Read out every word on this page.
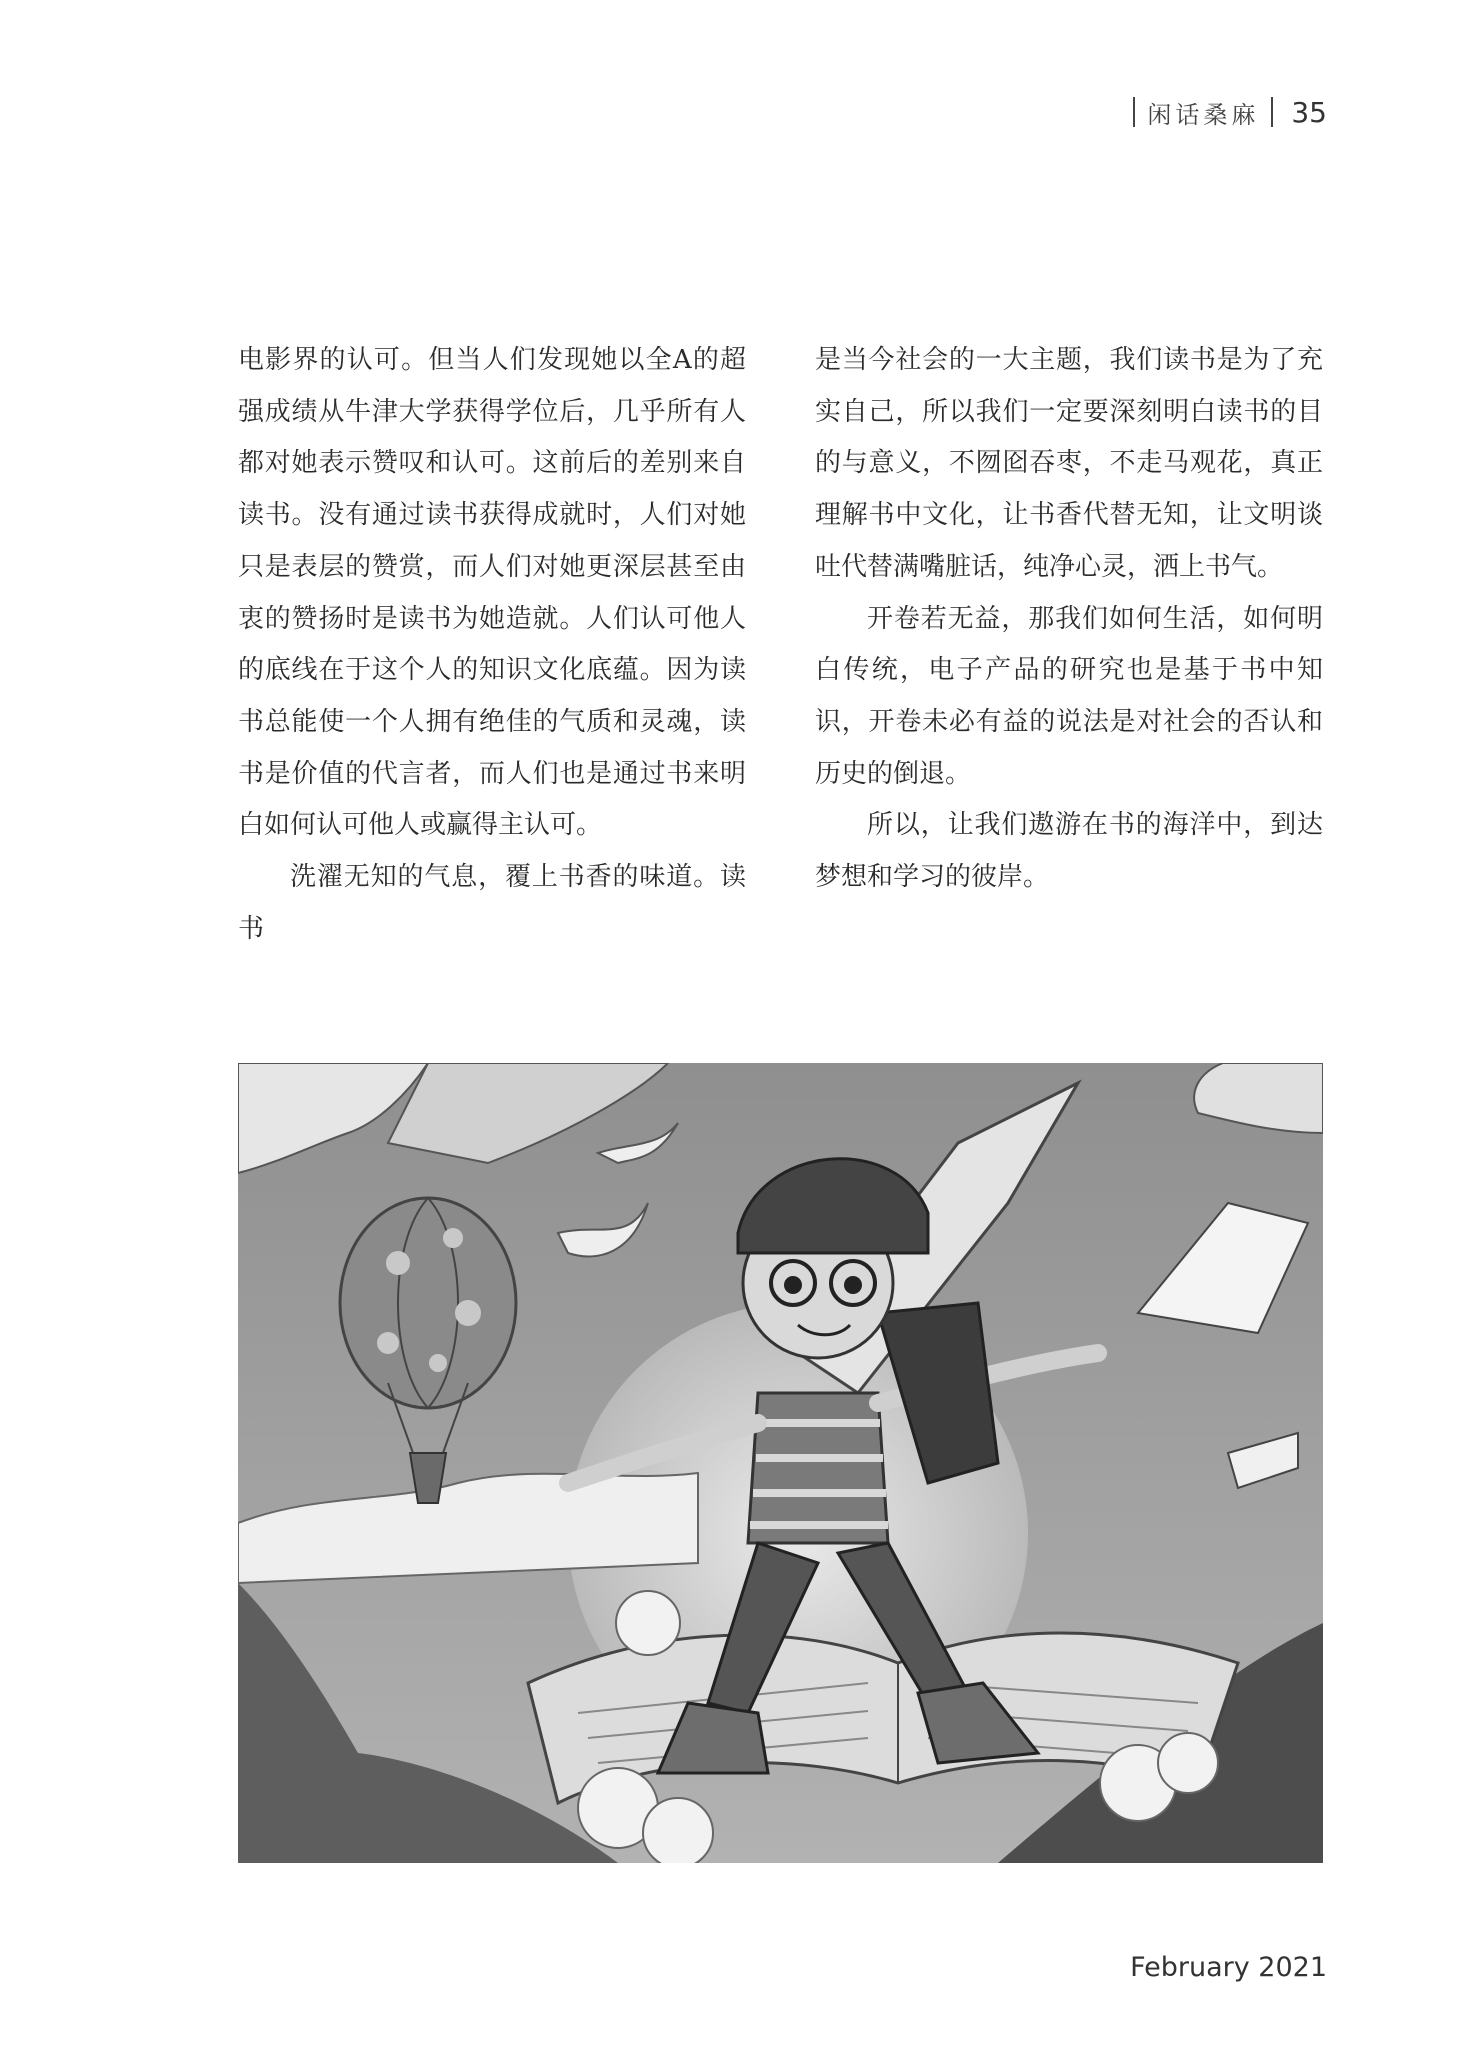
闲话桑麻 35

电影界的认可。但当人们发现她以全A的超强成绩从牛津大学获得学位后，几乎所有人都对她表示赞叹和认可。这前后的差别来自读书。没有通过读书获得成就时，人们对她只是表层的赞赏，而人们对她更深层甚至由衷的赞扬时是读书为她造就。人们认可他人的底线在于这个人的知识文化底蕴。因为读书总能使一个人拥有绝佳的气质和灵魂，读书是价值的代言者，而人们也是通过书来明白如何认可他人或赢得主认可。

洗濯无知的气息，覆上书香的味道。读书

是当今社会的一大主题，我们读书是为了充实自己，所以我们一定要深刻明白读书的目的与意义，不囫囵吞枣，不走马观花，真正理解书中文化，让书香代替无知，让文明谈吐代替满嘴脏话，纯净心灵，洒上书气。

开卷若无益，那我们如何生活，如何明白传统，电子产品的研究也是基于书中知识，开卷未必有益的说法是对社会的否认和历史的倒退。

所以，让我们遨游在书的海洋中，到达梦想和学习的彼岸。

February 2021
